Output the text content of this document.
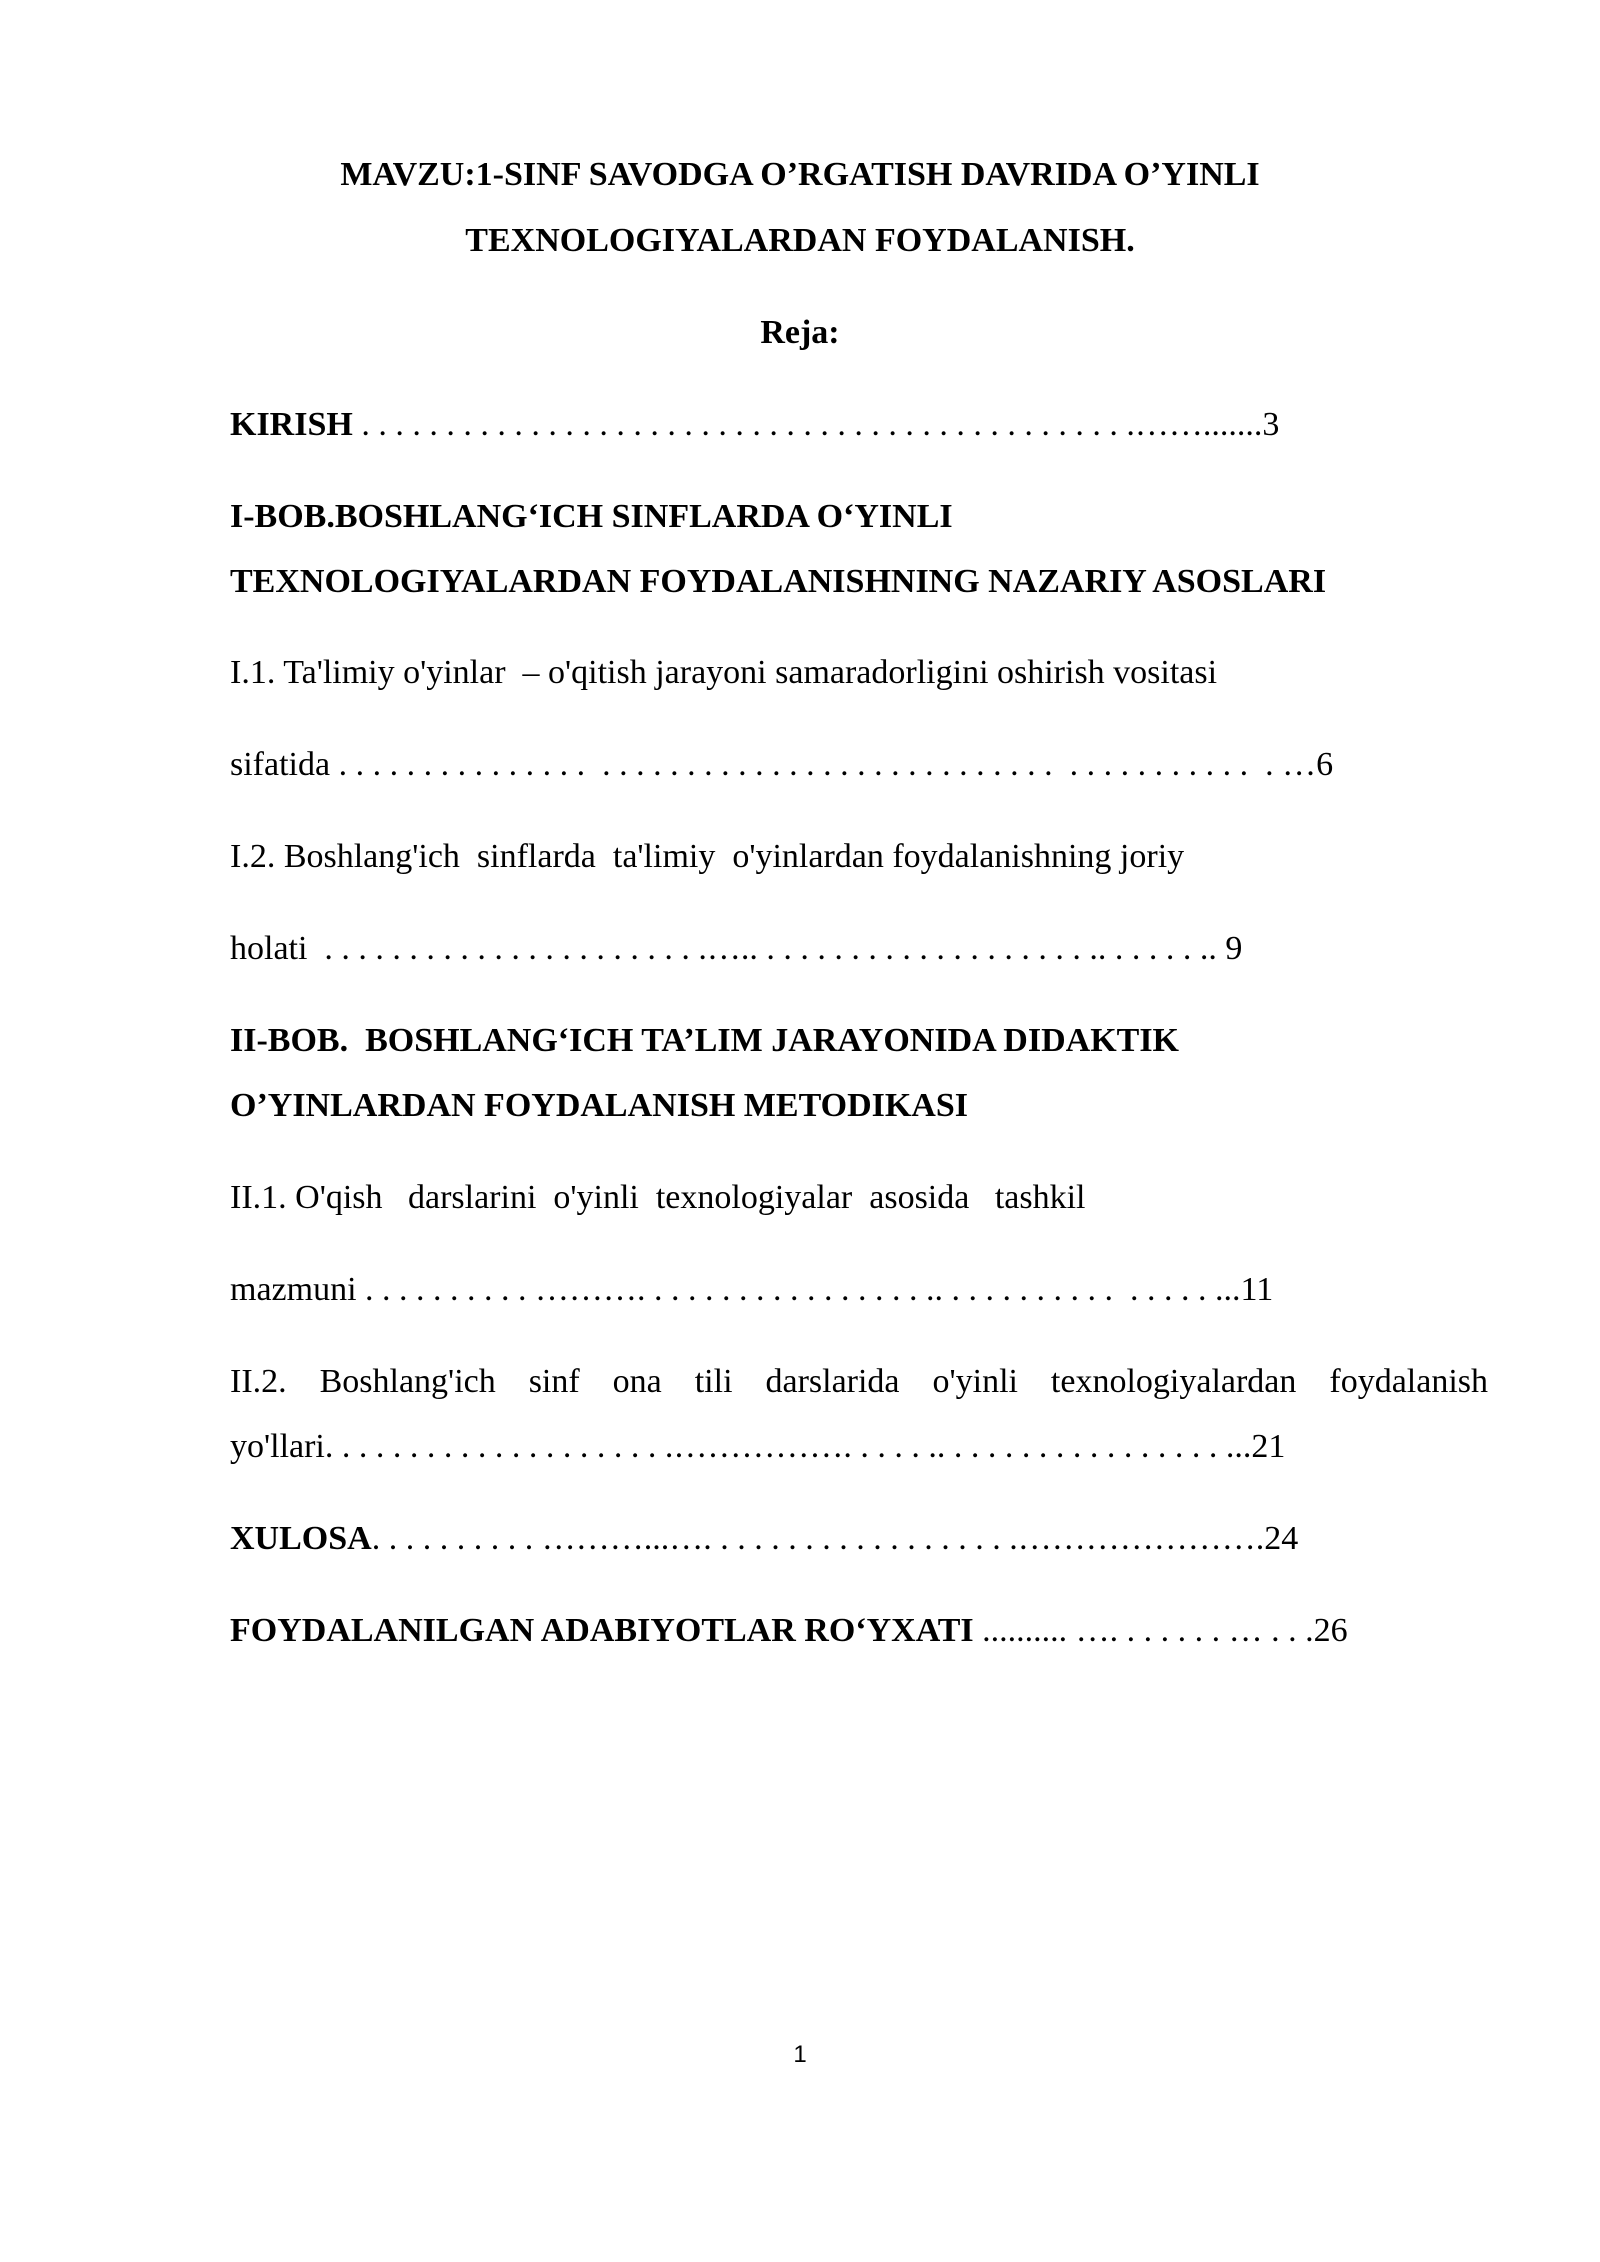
MAVZU:1-SINF SAVODGA O’RGATISH DAVRIDA O’YINLI
TEXNOLOGIYALARDAN FOYDALANISH.
Reja:
KIRISH . . . . . . . . . . . . . . . . . . . . . . . . . . . . . . . . . . . . . . . . . . . . . .…….......3
I-BOB.BOSHLANG‘ICH SINFLARDA O‘YINLI
TEXNOLOGIYALARDAN FOYDALANISHNING NAZARIY ASOSLARI
I.1. Ta'limiy o'yinlar  – o'qitish jarayoni samaradorligini oshirish vositasi
sifatida . . . . . . . . . . . . . . .  . . . . . . . . . . . . . . . . . . . . . . . . . . .  . . . . . . . . . . .  . …6
I.2. Boshlang'ich  sinflarda  ta'limiy  o'yinlardan foydalanishning joriy
holati  . . . . . . . . . . . . . . . . . . . . . . .….. . . . . . . . . . . . . . . . . . . . .. . . . . . .. 9
II-BOB.  BOSHLANG‘ICH TA’LIM JARAYONIDA DIDAKTIK
O’YINLARDAN FOYDALANISH METODIKASI
II.1. O'qish   darslarini  o'yinli  texnologiyalar  asosida   tashkil
mazmuni . . . . . . . . . . ………. . . . . . . . . . . . . . . . . .. . . . . . . . . . .  . . . . . ...11
II.2. Boshlang'ich sinf ona tili darslarida o'yinli texnologiyalardan foydalanish
yo'llari. . . . . . . . . . . . . . . . . . . . .……………. . . . . .. . . . . . . . . . . . . . . . . ...21
XULOSA. . . . . . . . . . ………...…. . . . . . . . . . . . . . . . . . .………………….24
FOYDALANILGAN ADABIYOTLAR RO‘YXATI .......... …. . . . . . . … . . .26
1
